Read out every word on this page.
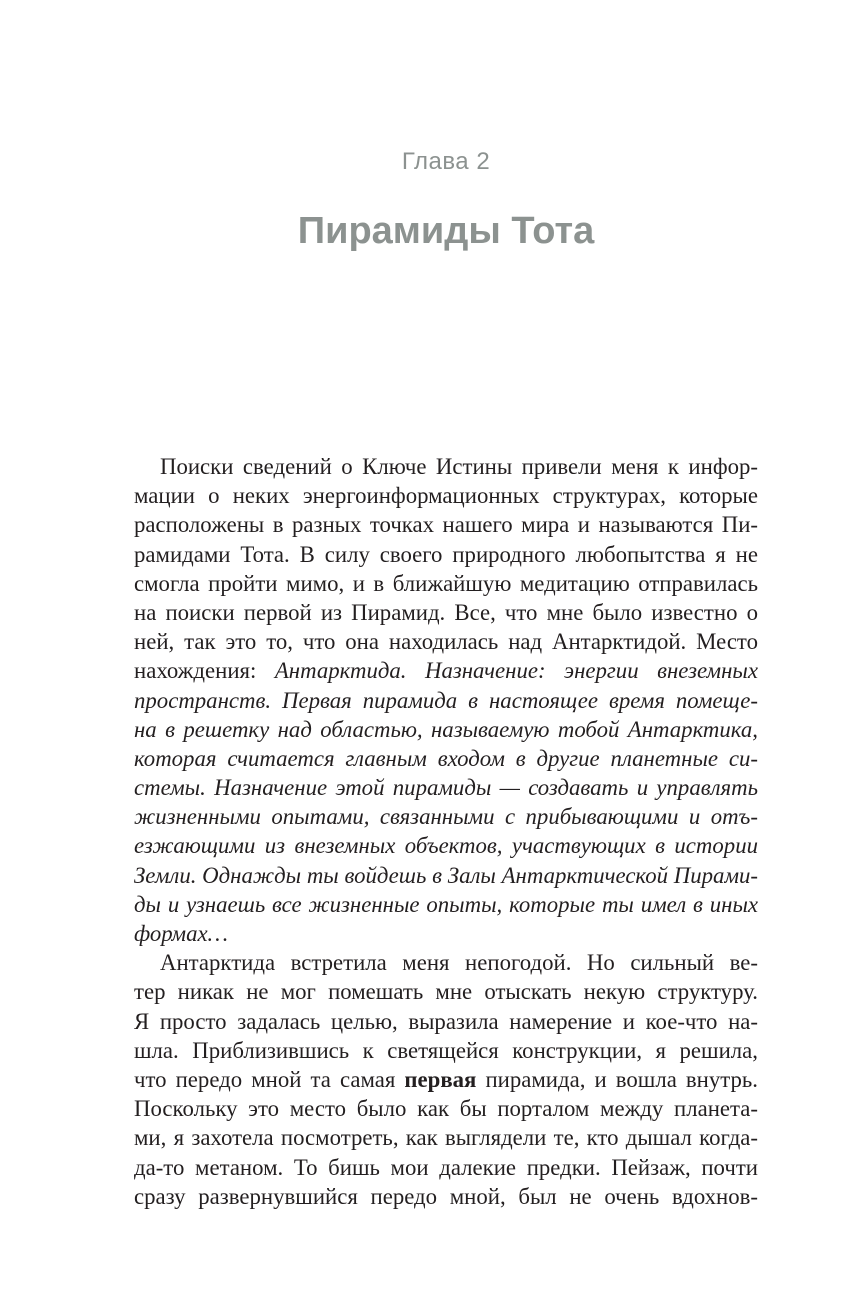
Глава 2
Пирамиды Тота
Поиски сведений о Ключе Истины привели меня к инфор-
мации о неких энергоинформационных структурах, которые
расположены в разных точках нашего мира и называются Пи-
рамидами Тота. В силу своего природного любопытства я не
смогла пройти мимо, и в ближайшую медитацию отправилась
на поиски первой из Пирамид. Все, что мне было известно о
ней, так это то, что она находилась над Антарктидой. Место
нахождения: Антарктида. Назначение: энергии внеземных
пространств. Первая пирамида в настоящее время помеще-
на в решетку над областью, называемую тобой Антарктика,
которая считается главным входом в другие планетные си-
стемы. Назначение этой пирамиды — создавать и управлять
жизненными опытами, связанными с прибывающими и отъ-
езжающими из внеземных объектов, участвующих в истории
Земли. Однажды ты войдешь в Залы Антарктической Пирами-
ды и узнаешь все жизненные опыты, которые ты имел в иных
формах…
Антарктида встретила меня непогодой. Но сильный ве-
тер никак не мог помешать мне отыскать некую структуру.
Я просто задалась целью, выразила намерение и кое-что на-
шла. Приблизившись к светящейся конструкции, я решила,
что передо мной та самая первая пирамида, и вошла внутрь.
Поскольку это место было как бы порталом между планета-
ми, я захотела посмотреть, как выглядели те, кто дышал когда-
да-то метаном. То бишь мои далекие предки. Пейзаж, почти
сразу развернувшийся передо мной, был не очень вдохнов-
